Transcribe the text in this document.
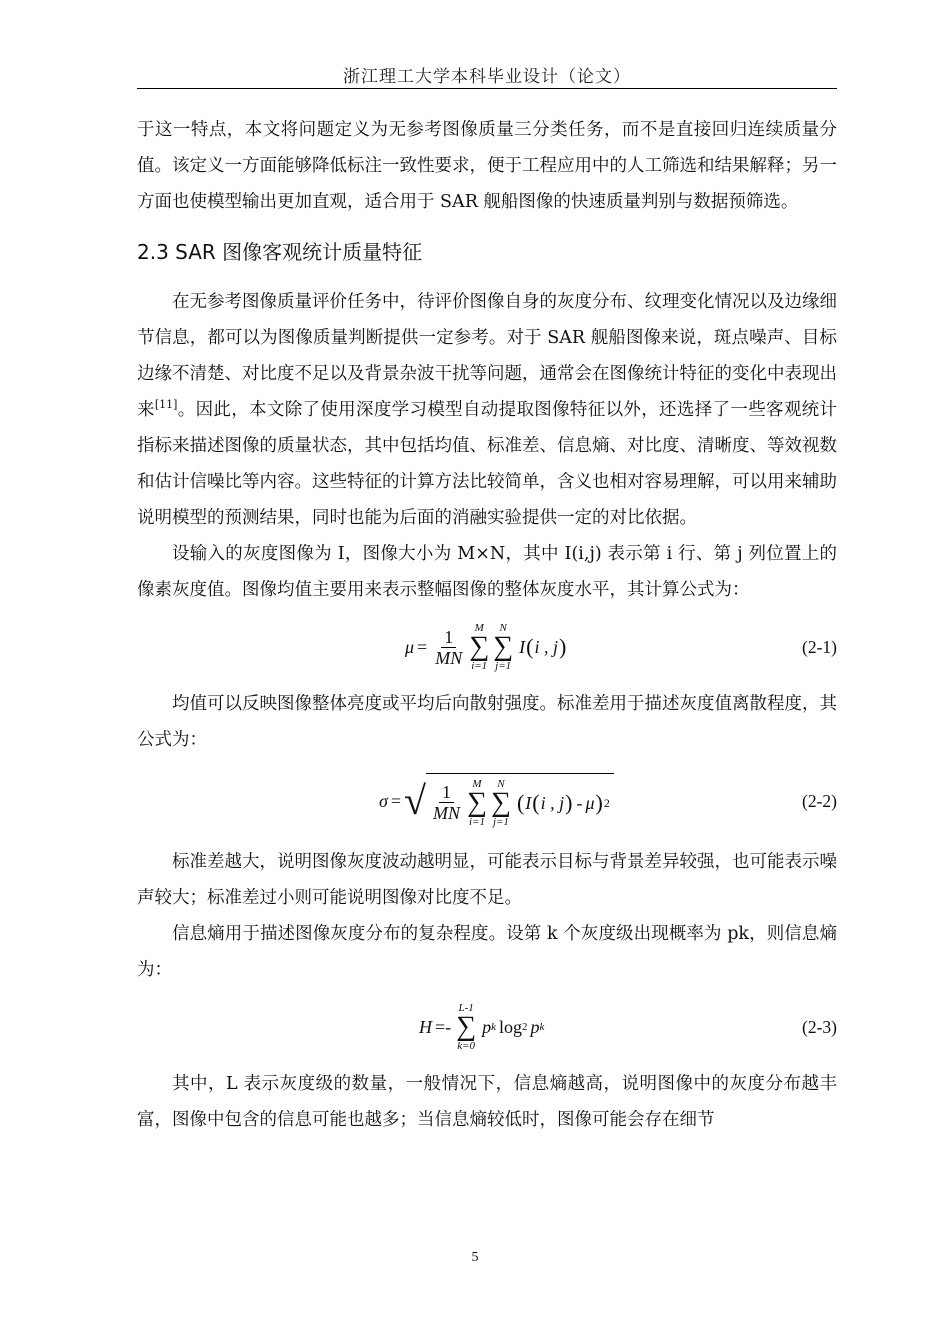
浙江理工大学本科毕业设计（论文）

于这一特点，本文将问题定义为无参考图像质量三分类任务，而不是直接回归连续质量分值。该定义一方面能够降低标注一致性要求，便于工程应用中的人工筛选和结果解释；另一方面也使模型输出更加直观，适合用于 SAR 舰船图像的快速质量判别与数据预筛选。

2.3 SAR 图像客观统计质量特征

在无参考图像质量评价任务中，待评价图像自身的灰度分布、纹理变化情况以及边缘细节信息，都可以为图像质量判断提供一定参考。对于 SAR 舰船图像来说，斑点噪声、目标边缘不清楚、对比度不足以及背景杂波干扰等问题，通常会在图像统计特征的变化中表现出来[11]。因此，本文除了使用深度学习模型自动提取图像特征以外，还选择了一些客观统计指标来描述图像的质量状态，其中包括均值、标准差、信息熵、对比度、清晰度、等效视数和估计信噪比等内容。这些特征的计算方法比较简单，含义也相对容易理解，可以用来辅助说明模型的预测结果，同时也能为后面的消融实验提供一定的对比依据。

设输入的灰度图像为 I，图像大小为 M×N，其中 I(i,j) 表示第 i 行、第 j 列位置上的像素灰度值。图像均值主要用来表示整幅图像的整体灰度水平，其计算公式为：

$\mu = \frac{1}{MN}$ M
∑
i=1
N
∑
j=1
I ( i , j )	(2-1)

均值可以反映图像整体亮度或平均后向散射强度。标准差用于描述灰度值离散程度，其公式为：

σ = √ $\frac{1}{MN}$ M
∑
i=1
N
∑
j=1
( I ( i , j ) - μ ) 2	(2-2)

标准差越大，说明图像灰度波动越明显，可能表示目标与背景差异较强，也可能表示噪声较大；标准差过小则可能说明图像对比度不足。

信息熵用于描述图像灰度分布的复杂程度。设第 k 个灰度级出现概率为 pk，则信息熵为：

H =-
L-1
∑
k=0
p k log 2 p k	(2-3)

其中，L 表示灰度级的数量，一般情况下，信息熵越高，说明图像中的灰度分布越丰富，图像中包含的信息可能也越多；当信息熵较低时，图像可能会存在细节

5
